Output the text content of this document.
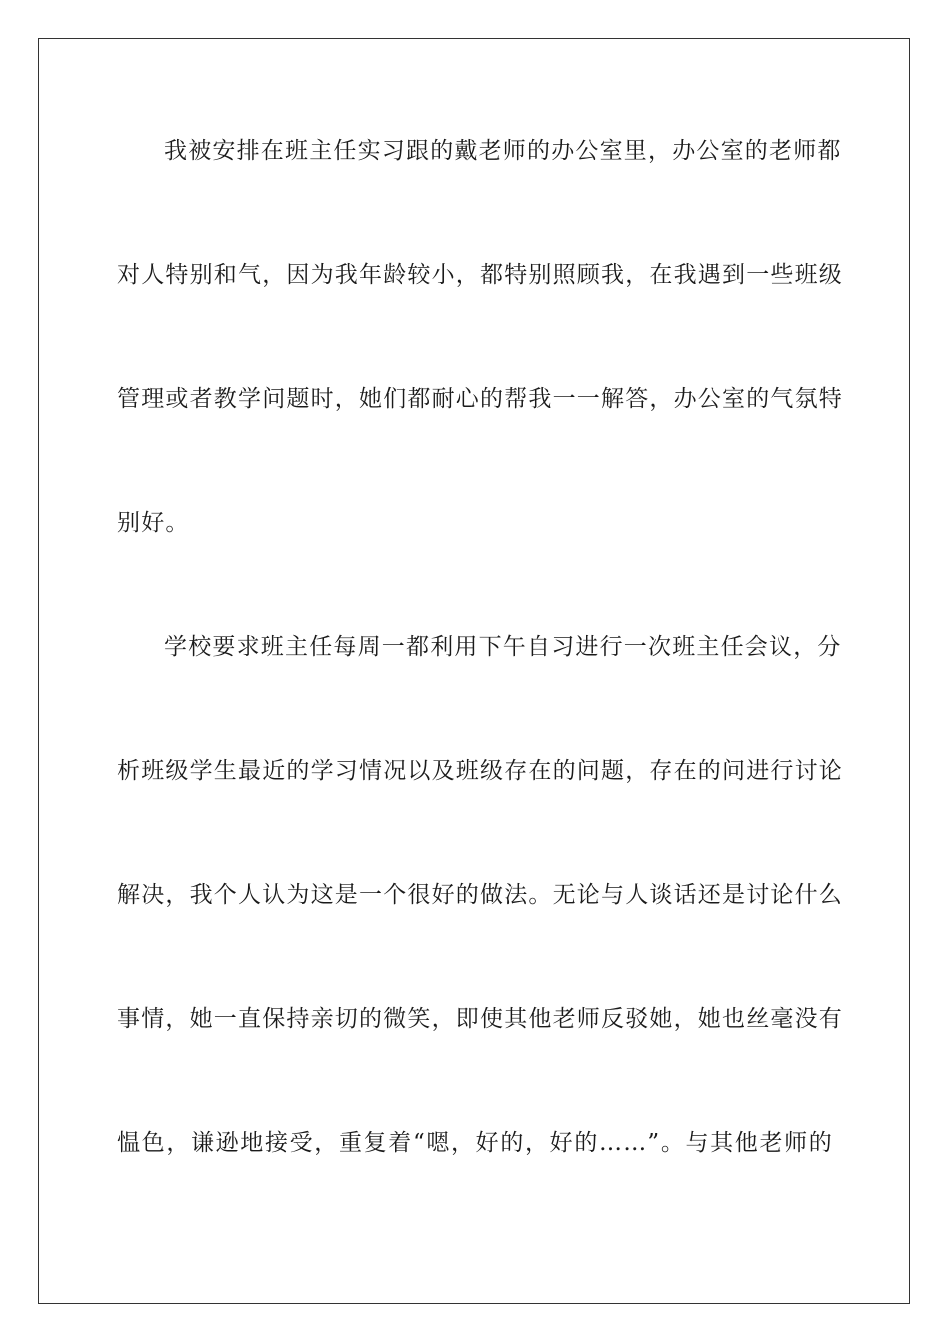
我被安排在班主任实习跟的戴老师的办公室里，办公室的老师都
对人特别和气，因为我年龄较小，都特别照顾我，在我遇到一些班级
管理或者教学问题时，她们都耐心的帮我一一解答，办公室的气氛特
别好。
学校要求班主任每周一都利用下午自习进行一次班主任会议，分
析班级学生最近的学习情况以及班级存在的问题，存在的问进行讨论
解决，我个人认为这是一个很好的做法。无论与人谈话还是讨论什么
事情，她一直保持亲切的微笑，即使其他老师反驳她，她也丝毫没有
愠色，谦逊地接受，重复着“嗯，好的，好的……”。与其他老师的
